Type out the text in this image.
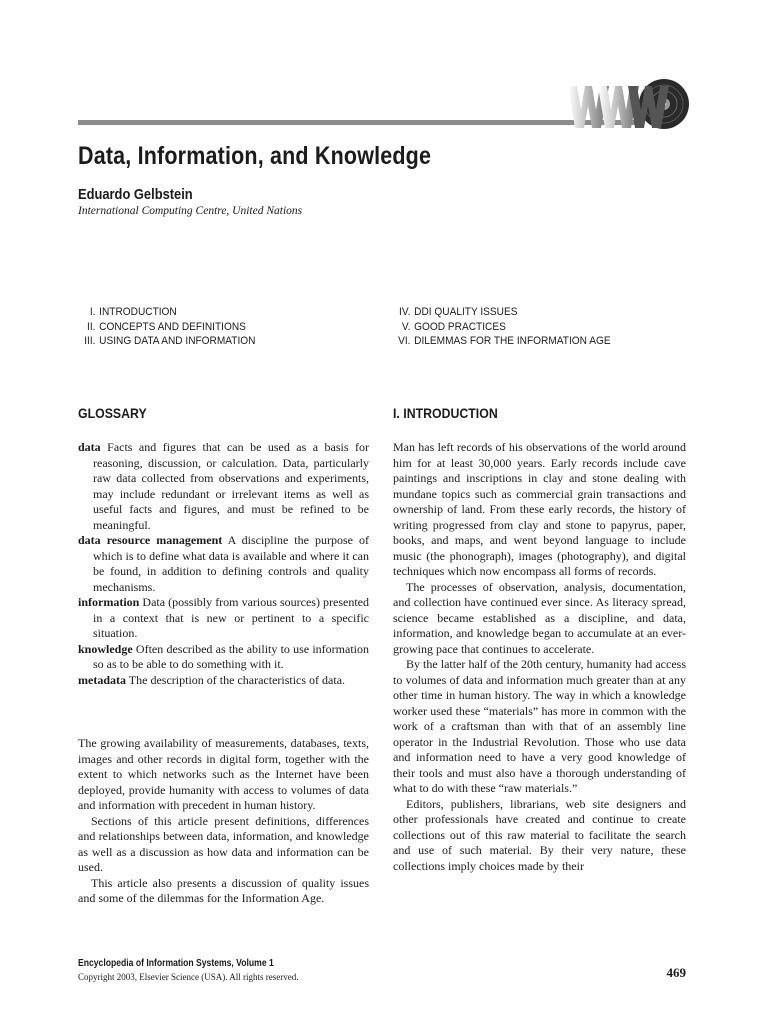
Data, Information, and Knowledge
Eduardo Gelbstein
International Computing Centre, United Nations
I. INTRODUCTION
II. CONCEPTS AND DEFINITIONS
III. USING DATA AND INFORMATION
IV. DDI QUALITY ISSUES
V. GOOD PRACTICES
VI. DILEMMAS FOR THE INFORMATION AGE
GLOSSARY

data Facts and figures that can be used as a basis for reasoning, discussion, or calculation. Data, particularly raw data collected from observations and experiments, may include redundant or irrelevant items as well as useful facts and figures, and must be refined to be meaningful.

data resource management A discipline the purpose of which is to define what data is available and where it can be found, in addition to defining controls and quality mechanisms.

information Data (possibly from various sources) presented in a context that is new or pertinent to a specific situation.

knowledge Often described as the ability to use information so as to be able to do something with it.

metadata The description of the characteristics of data.

The growing availability of measurements, databases, texts, images and other records in digital form, together with the extent to which networks such as the Internet have been deployed, provide humanity with access to volumes of data and information with precedent in human history.

Sections of this article present definitions, differences and relationships between data, information, and knowledge as well as a discussion as how data and information can be used.

This article also presents a discussion of quality issues and some of the dilemmas for the Information Age.

I. INTRODUCTION

Man has left records of his observations of the world around him for at least 30,000 years. Early records include cave paintings and inscriptions in clay and stone dealing with mundane topics such as commercial grain transactions and ownership of land. From these early records, the history of writing progressed from clay and stone to papyrus, paper, books, and maps, and went beyond language to include music (the phonograph), images (photography), and digital techniques which now encompass all forms of records.

The processes of observation, analysis, documentation, and collection have continued ever since. As literacy spread, science became established as a discipline, and data, information, and knowledge began to accumulate at an ever-growing pace that continues to accelerate.

By the latter half of the 20th century, humanity had access to volumes of data and information much greater than at any other time in human history. The way in which a knowledge worker used these “materials” has more in common with the work of a craftsman than with that of an assembly line operator in the Industrial Revolution. Those who use data and information need to have a very good knowledge of their tools and must also have a thorough understanding of what to do with these “raw materials.”

Editors, publishers, librarians, web site designers and other professionals have created and continue to create collections out of this raw material to facilitate the search and use of such material. By their very nature, these collections imply choices made by their

Encyclopedia of Information Systems, Volume 1
Copyright 2003, Elsevier Science (USA). All rights reserved.	469
